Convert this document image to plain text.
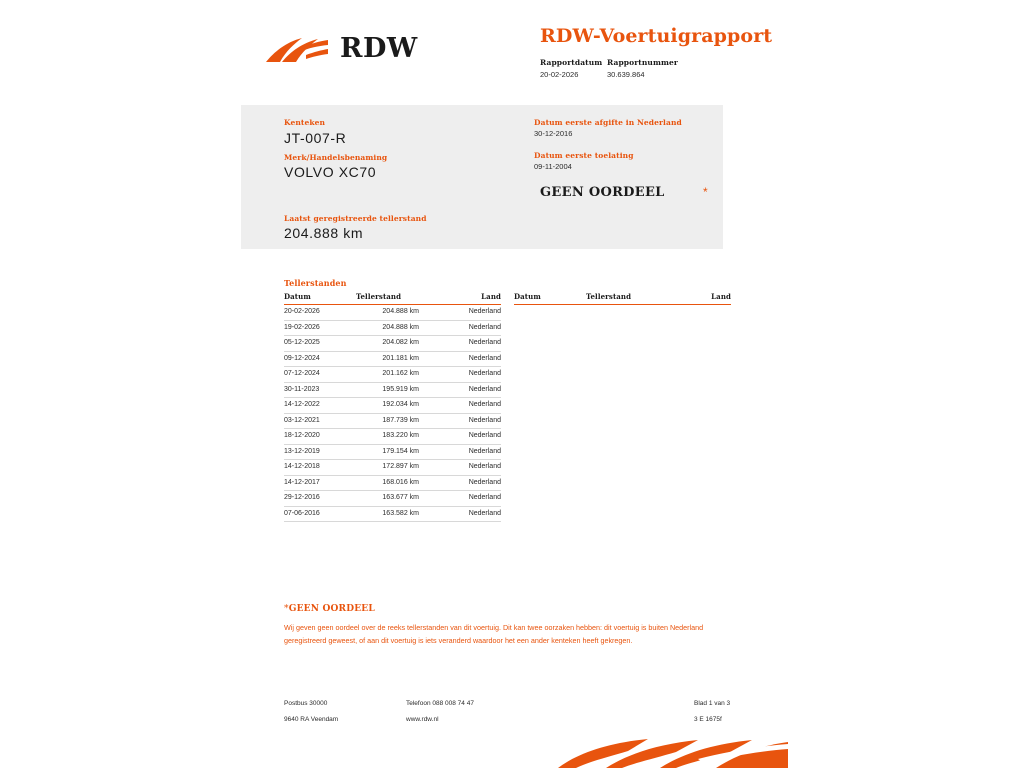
RDW	RDW-Voertuigrapport
Rapportdatum
20-02-2026
Rapportnummer
30.639.864
Kenteken
JT-007-R
Merk/Handelsbenaming
VOLVO XC70
Laatst geregistreerde tellerstand
204.888 km
Datum eerste afgifte in Nederland
30-12-2016
Datum eerste toelating
09-11-2004
GEEN OORDEEL	*
Tellerstanden
Datum	Tellerstand	Land
20-02-2026	204.888 km	Nederland
19-02-2026	204.888 km	Nederland
05-12-2025	204.082 km	Nederland
09-12-2024	201.181 km	Nederland
07-12-2024	201.162 km	Nederland
30-11-2023	195.919 km	Nederland
14-12-2022	192.034 km	Nederland
03-12-2021	187.739 km	Nederland
18-12-2020	183.220 km	Nederland
13-12-2019	179.154 km	Nederland
14-12-2018	172.897 km	Nederland
14-12-2017	168.016 km	Nederland
29-12-2016	163.677 km	Nederland
07-06-2016	163.582 km	Nederland
Datum	Tellerstand	Land
*GEEN OORDEEL
Wij geven geen oordeel over de reeks tellerstanden van dit voertuig. Dit kan twee oorzaken hebben: dit voertuig is buiten Nederland geregistreerd geweest, of aan dit voertuig is iets veranderd waardoor het een ander kenteken heeft gekregen.
Postbus 30000
9640 RA Veendam
Telefoon 088 008 74 47
www.rdw.nl
Blad 1 van 3
3 E 1675f
